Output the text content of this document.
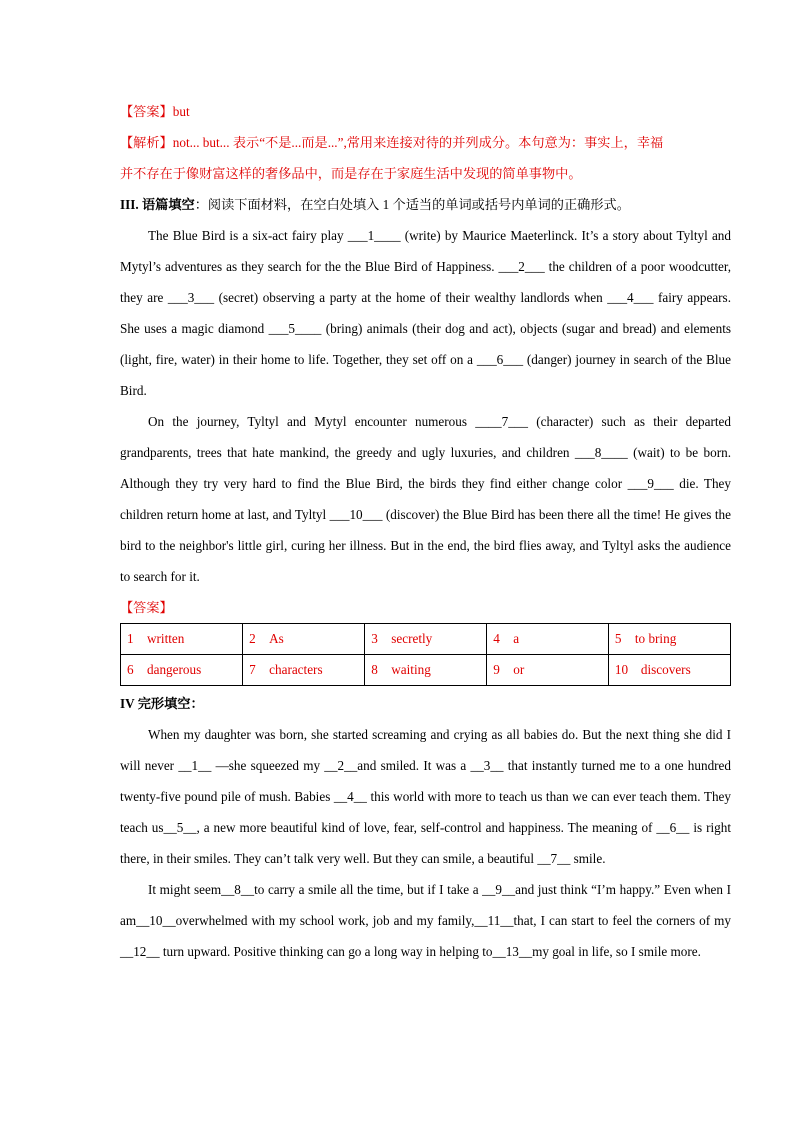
【答案】but
【解析】not... but... 表示“不是...而是...”,常用来连接对待的并列成分。本句意为：事实上，幸福
并不存在于像财富这样的奢侈品中，而是存在于家庭生活中发现的简单事物中。
III. 语篇填空：阅读下面材料，在空白处填入 1 个适当的单词或括号内单词的正确形式。
The Blue Bird is a six-act fairy play ___1____ (write) by Maurice Maeterlinck. It’s a story about Tyltyl and Mytyl’s adventures as they search for the the Blue Bird of Happiness. ___2___ the children of a poor woodcutter, they are ___3___ (secret) observing a party at the home of their wealthy landlords when ___4___ fairy appears. She uses a magic diamond ___5____ (bring) animals (their dog and act), objects (sugar and bread) and elements (light, fire, water) in their home to life. Together, they set off on a ___6___ (danger) journey in search of the Blue Bird.
On the journey, Tyltyl and Mytyl encounter numerous ____7___ (character) such as their departed grandparents, trees that hate mankind, the greedy and ugly luxuries, and children ___8____ (wait) to be born. Although they try very hard to find the Blue Bird, the birds they find either change color ___9___ die. They children return home at last, and Tyltyl ___10___ (discover) the Blue Bird has been there all the time! He gives the bird to the neighbor's little girl, curing her illness. But in the end, the bird flies away, and Tyltyl asks the audience to search for it.
【答案】
1 written	2 As	3 secretly	4 a	5 to bring
6 dangerous	7 characters	8 waiting	9 or	10 discovers
IV 完形填空：
When my daughter was born, she started screaming and crying as all babies do. But the next thing she did I will never __1__ —she squeezed my __2__and smiled. It was a __3__ that instantly turned me to a one hundred twenty-five pound pile of mush. Babies __4__ this world with more to teach us than we can ever teach them. They teach us__5__, a new more beautiful kind of love, fear, self-control and happiness. The meaning of __6__ is right there, in their smiles. They can’t talk very well. But they can smile, a beautiful __7__ smile.
It might seem__8__to carry a smile all the time, but if I take a __9__and just think “I’m happy.” Even when I am__10__overwhelmed with my school work, job and my family,__11__that, I can start to feel the corners of my __12__ turn upward. Positive thinking can go a long way in helping to__13__my goal in life, so I smile more.
